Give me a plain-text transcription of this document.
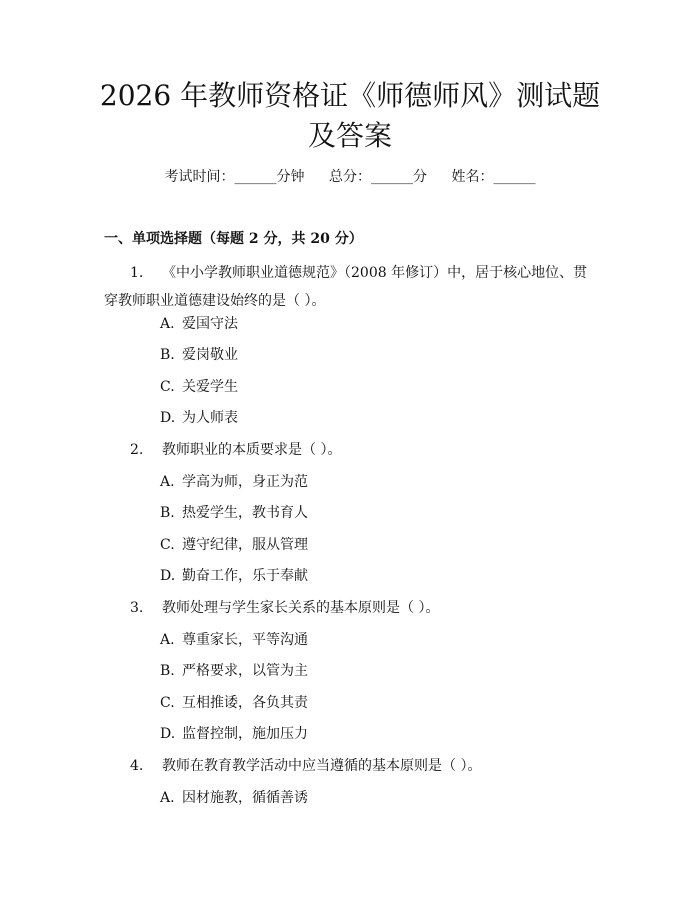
2026 年教师资格证《师德师风》测试题及答案
考试时间：______分钟 总分：______分 姓名：______
一、单项选择题（每题 2 分，共 20 分）

1. 《中小学教师职业道德规范》（2008 年修订）中，居于核心地位、贯穿教师职业道德建设始终的是（ ）。

A. 爱国守法
B. 爱岗敬业
C. 关爱学生
D. 为人师表

2. 教师职业的本质要求是（ ）。

A. 学高为师，身正为范
B. 热爱学生，教书育人
C. 遵守纪律，服从管理
D. 勤奋工作，乐于奉献

3. 教师处理与学生家长关系的基本原则是（ ）。

A. 尊重家长，平等沟通
B. 严格要求，以管为主
C. 互相推诿，各负其责
D. 监督控制，施加压力

4. 教师在教育教学活动中应当遵循的基本原则是（ ）。

A. 因材施教，循循善诱
